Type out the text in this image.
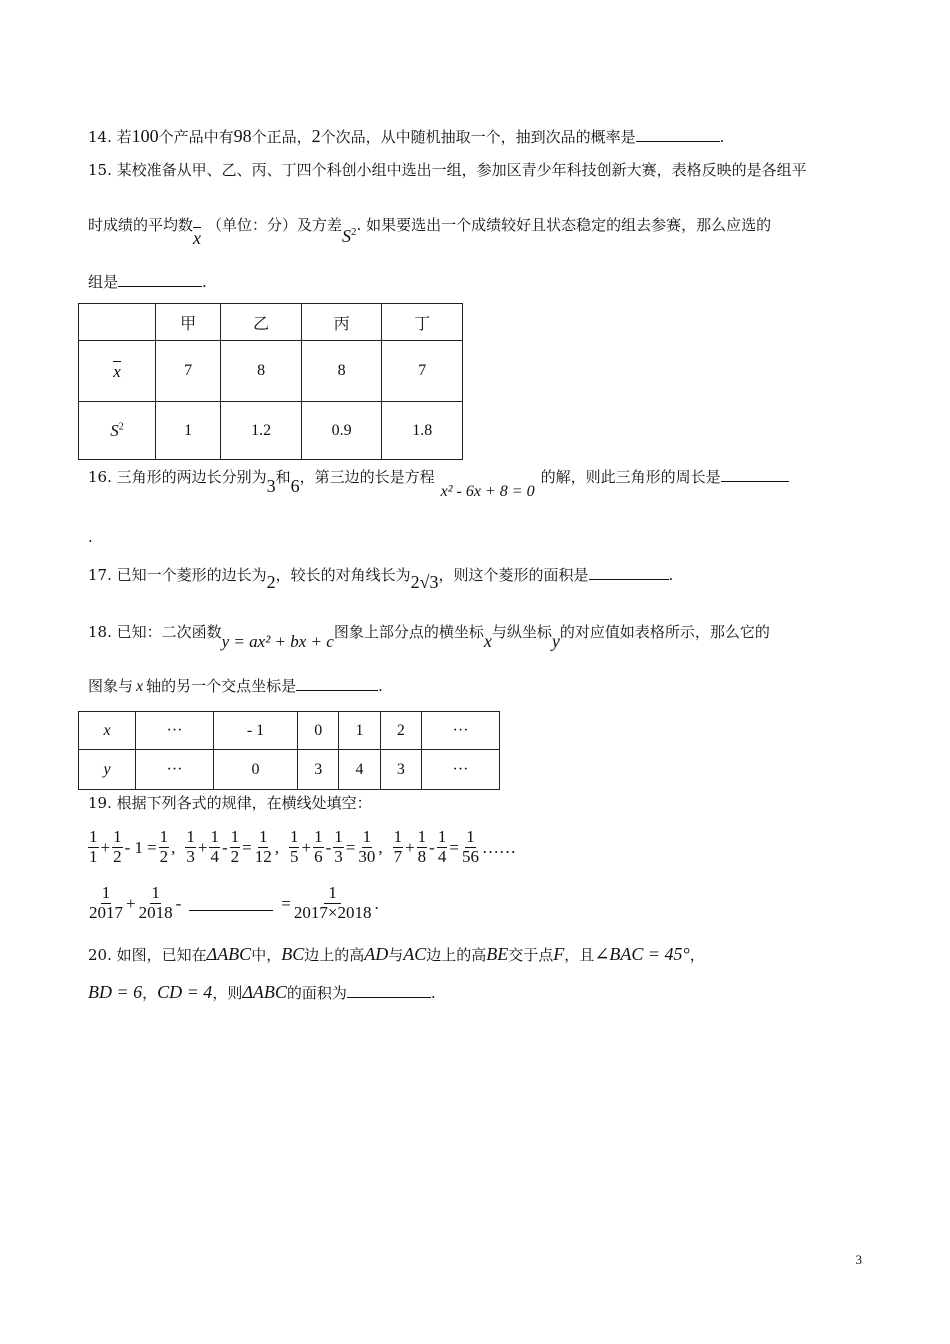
14. 若100个产品中有98个正品，2个次品，从中随机抽取一个，抽到次品的概率是	.
15. 某校准备从甲、乙、丙、丁四个科创小组中选出一组，参加区青少年科技创新大赛，表格反映的是各组平
时成绩的平均数x（单位：分）及方差$S^2$. 如果要选出一个成绩较好且状态稳定的组去参赛，那么应选的
组是	.
	甲	乙	丙	丁
x	7	8	8	7
$S^2$	1	1.2	0.9	1.8
16. 三角形的两边长分别为3和6，第三边的长是方程x² - 6x + 8 = 0的解，则此三角形的周长是
.
17. 已知一个菱形的边长为2，较长的对角线长为2√3，则这个菱形的面积是	.
18. 已知：二次函数y = ax² + bx + c图象上部分点的横坐标x与纵坐标y的对应值如表格所示，那么它的
图象与 x 轴的另一个交点坐标是	.
x	···	- 1	0	1	2	···
y	···	0	3	4	3	···
19. 根据下列各式的规律，在横线处填空：
$\frac{1}{1} + \frac{1}{2} - 1 = \frac{1}{2}$ , $\frac{1}{3} + \frac{1}{4} - \frac{1}{2} = \frac{1}{12}$ , $\frac{1}{5} + \frac{1}{6} - \frac{1}{3} = \frac{1}{30}$ , $\frac{1}{7} + \frac{1}{8} - \frac{1}{4} = \frac{1}{56}$ ……
$\frac{1}{2017} + \frac{1}{2018}$ -	= $\frac{1}{2017\times 2018}$ .
20. 如图，已知在ΔABC中，BC边上的高AD与AC边上的高BE交于点F，且∠BAC = 45°，
BD = 6，CD = 4，则ΔABC的面积为	.
3
